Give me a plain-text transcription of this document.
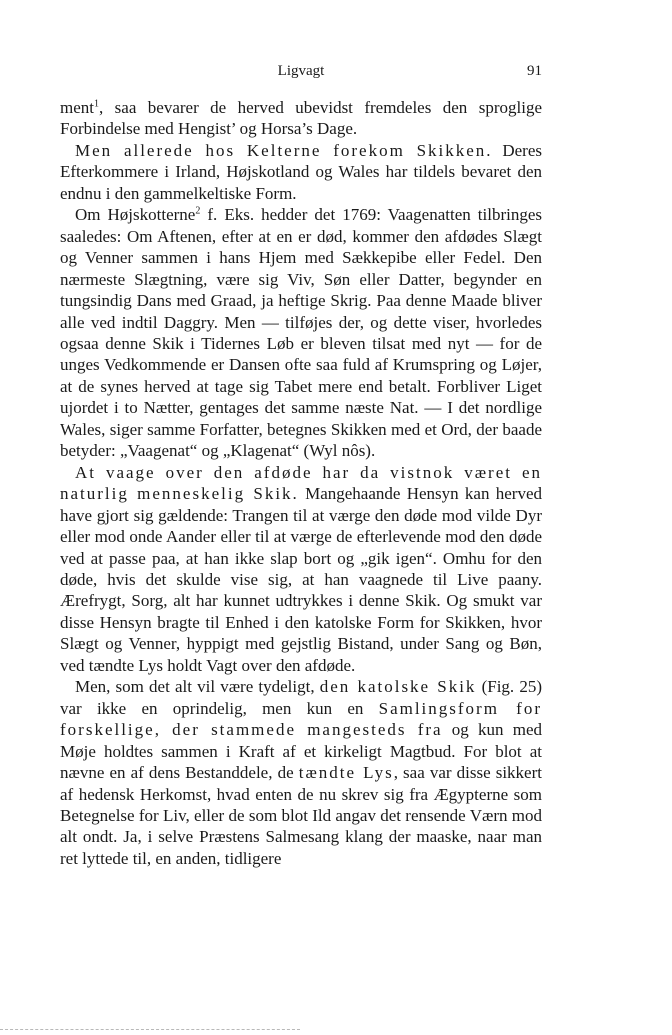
Ligvagt	91

ment$^1$, saa bevarer de herved ubevidst fremdeles den sproglige Forbindelse med Hengist’ og Horsa’s Dage.

Men allerede hos Kelterne forekom Skikken. Deres Efterkommere i Irland, Højskotland og Wales har tildels bevaret den endnu i den gammelkeltiske Form.

Om Højskotterne$^2$ f. Eks. hedder det 1769: Vaagenatten tilbringes saaledes: Om Aftenen, efter at en er død, kommer den afdødes Slægt og Venner sammen i hans Hjem med Sækkepibe eller Fedel. Den nærmeste Slægtning, være sig Viv, Søn eller Datter, begynder en tungsindig Dans med Graad, ja heftige Skrig. Paa denne Maade bliver alle ved indtil Daggry. Men — tilføjes der, og dette viser, hvorledes ogsaa denne Skik i Tidernes Løb er bleven tilsat med nyt — for de unges Vedkommende er Dansen ofte saa fuld af Krumspring og Løjer, at de synes herved at tage sig Tabet mere end betalt. Forbliver Liget ujordet i to Nætter, gentages det samme næste Nat. — I det nordlige Wales, siger samme Forfatter, betegnes Skikken med et Ord, der baade betyder: „Vaagenat“ og „Klagenat“ (Wyl nôs).

At vaage over den afdøde har da vistnok været en naturlig menneskelig Skik. Mangehaande Hensyn kan herved have gjort sig gældende: Trangen til at værge den døde mod vilde Dyr eller mod onde Aander eller til at værge de efterlevende mod den døde ved at passe paa, at han ikke slap bort og „gik igen“. Omhu for den døde, hvis det skulde vise sig, at han vaagnede til Live paany. Ærefrygt, Sorg, alt har kunnet udtrykkes i denne Skik. Og smukt var disse Hensyn bragte til Enhed i den katolske Form for Skikken, hvor Slægt og Venner, hyppigt med gejstlig Bistand, under Sang og Bøn, ved tændte Lys holdt Vagt over den afdøde.

Men, som det alt vil være tydeligt, den katolske Skik (Fig. 25) var ikke en oprindelig, men kun en Samlingsform for forskellige, der stammede mangesteds fra og kun med Møje holdtes sammen i Kraft af et kirkeligt Magtbud. For blot at nævne en af dens Bestanddele, de tændte Lys, saa var disse sikkert af hedensk Herkomst, hvad enten de nu skrev sig fra Ægypterne som Betegnelse for Liv, eller de som blot Ild angav det rensende Værn mod alt ondt. Ja, i selve Præstens Salmesang klang der maaske, naar man ret lyttede til, en anden, tidligere
